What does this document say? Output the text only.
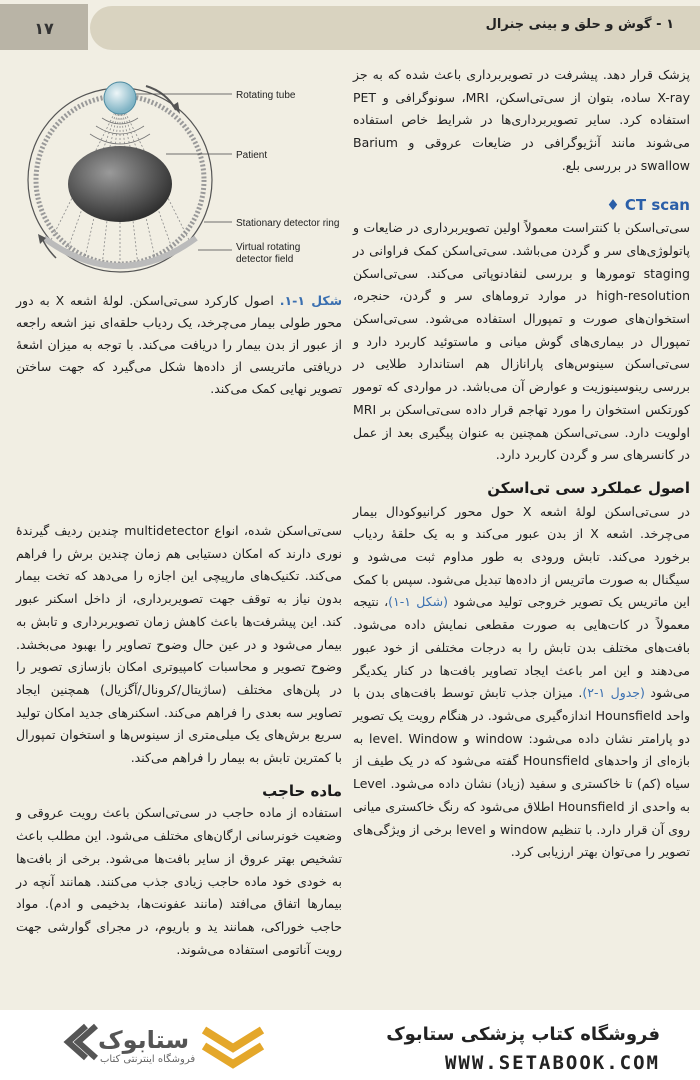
۱۷	۱ - گوش و حلق و بینی جنرال
Rotating tube
Patient
Stationary detector ring
Virtual rotating
detector field
شکل ۱-۱. اصول کارکرد سی‌تی‌اسکن. لولهٔ اشعه X به دور محور طولی بیمار می‌چرخد، یک ردیاب حلقه‌ای نیز اشعه راجعه از عبور از بدن بیمار را دریافت می‌کند. با توجه به میزان اشعهٔ دریافتی ماتریسی از داده‌ها شکل می‌گیرد که جهت ساختن تصویر نهایی کمک می‌کند.

پزشک قرار دهد. پیشرفت در تصویربرداری باعث شده که به جز X-ray ساده، بتوان از سی‌تی‌اسکن، MRI، سونوگرافی و PET استفاده کرد. سایر تصویربرداری‌ها در شرایط خاص استفاده می‌شوند مانند آنژیوگرافی در ضایعات عروقی و Barium swallow در بررسی بلع.

CT scan ♦

سی‌تی‌اسکن با کنتراست معمولاً اولین تصویربرداری در ضایعات و پاتولوژی‌های سر و گردن می‌باشد. سی‌تی‌اسکن کمک فراوانی در staging تومورها و بررسی لنفادنوپاتی می‌کند. سی‌تی‌اسکن high-resolution در موارد تروماهای سر و گردن، حنجره، استخوان‌های صورت و تمپورال استفاده می‌شود. سی‌تی‌اسکن تمپورال در بیماری‌های گوش میانی و ماستوئید کاربرد دارد و سی‌تی‌اسکن سینوس‌های پارانازال هم استاندارد طلایی در بررسی رینوسینوزیت و عوارض آن می‌باشد. در مواردی که تومور کورتکس استخوان را مورد تهاجم قرار داده سی‌تی‌اسکن بر MRI اولویت دارد. سی‌تی‌اسکن همچنین به عنوان پیگیری بعد از عمل در کانسرهای سر و گردن کاربرد دارد.

اصول عملکرد سی تی‌اسکن

در سی‌تی‌اسکن لولهٔ اشعه X حول محور کرانیوکودال بیمار می‌چرخد. اشعه X از بدن عبور می‌کند و به یک حلقهٔ ردیاب برخورد می‌کند. تابش ورودی به طور مداوم ثبت می‌شود و سیگنال به صورت ماتریس از داده‌ها تبدیل می‌شود. سپس با کمک این ماتریس یک تصویر خروجی تولید می‌شود (شکل ۱-۱)، نتیجه معمولاً در کات‌هایی به صورت مقطعی نمایش داده می‌شود. بافت‌های مختلف بدن تابش را به درجات مختلفی از خود عبور می‌دهند و این امر باعث ایجاد تصاویر بافت‌ها در کنار یکدیگر می‌شود (جدول ۱-۲). میزان جذب تابش توسط بافت‌های بدن با واحد Hounsfield اندازه‌گیری می‌شود. در هنگام رویت یک تصویر دو پارامتر نشان داده می‌شود: window و level. Window به بازه‌ای از واحدهای Hounsfield گفته می‌شود که در یک طیف از سیاه (کم) تا خاکستری و سفید (زیاد) نشان داده می‌شود. Level به واحدی از Hounsfield اطلاق می‌شود که رنگ خاکستری میانی روی آن قرار دارد. با تنظیم window و level برخی از ویژگی‌های تصویر را می‌توان بهتر ارزیابی کرد.

سی‌تی‌اسکن شده، انواع multidetector چندین ردیف گیرندهٔ نوری دارند که امکان دستیابی هم زمان چندین برش را فراهم می‌کند. تکنیک‌های مارپیچی این اجازه را می‌دهد که تخت بیمار بدون نیاز به توقف جهت تصویربرداری، از داخل اسکنر عبور کند. این پیشرفت‌ها باعث کاهش زمان تصویربرداری و تابش به بیمار می‌شود و در عین حال وضوح تصاویر را بهبود می‌بخشد. وضوح تصویر و محاسبات کامپیوتری امکان بازسازی تصویر را در پلن‌های مختلف (ساژیتال/کرونال/آگزیال) همچنین ایجاد تصاویر سه بعدی را فراهم می‌کند. اسکنرهای جدید امکان تولید سریع برش‌های یک میلی‌متری از سینوس‌ها و استخوان تمپورال با کمترین تابش به بیمار را فراهم می‌کند.

ماده حاجب

استفاده از ماده حاجب در سی‌تی‌اسکن باعث رویت عروقی و وضعیت خونرسانی ارگان‌های مختلف می‌شود. این مطلب باعث تشخیص بهتر عروق از سایر بافت‌ها می‌شود. برخی از بافت‌ها به خودی خود ماده حاجب زیادی جذب می‌کنند. همانند آنچه در بیمارها اتفاق می‌افتد (مانند عفونت‌ها، بدخیمی و ادم). مواد حاجب خوراکی، همانند ید و باریوم، در مجرای گوارشی جهت رویت آناتومی استفاده می‌شوند.

ستابوک
فروشگاه اینترنتی کتاب
فروشگاه کتاب پزشکی ستابوک
WWW.SETABOOK.COM
